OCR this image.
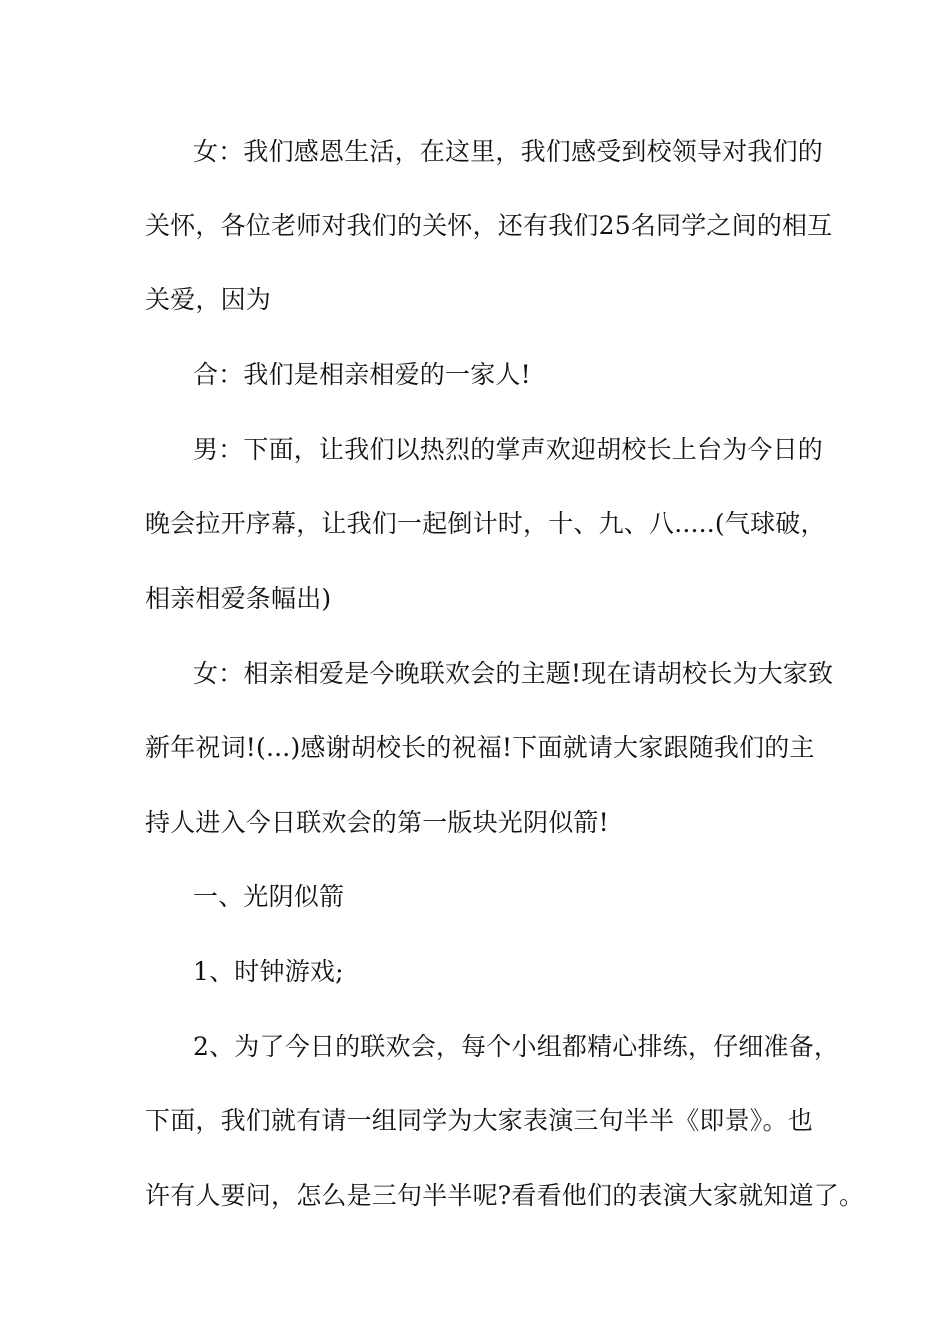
女：我们感恩生活，在这里，我们感受到校领导对我们的
关怀，各位老师对我们的关怀，还有我们25名同学之间的相互
关爱，因为
合：我们是相亲相爱的一家人!
男：下面，让我们以热烈的掌声欢迎胡校长上台为今日的
晚会拉开序幕，让我们一起倒计时，十、九、八.....(气球破，
相亲相爱条幅出)
女：相亲相爱是今晚联欢会的主题!现在请胡校长为大家致
新年祝词!(...)感谢胡校长的祝福!下面就请大家跟随我们的主
持人进入今日联欢会的第一版块光阴似箭!
一、光阴似箭
1、时钟游戏;
2、为了今日的联欢会，每个小组都精心排练，仔细准备，
下面，我们就有请一组同学为大家表演三句半半《即景》。也
许有人要问，怎么是三句半半呢?看看他们的表演大家就知道了。
